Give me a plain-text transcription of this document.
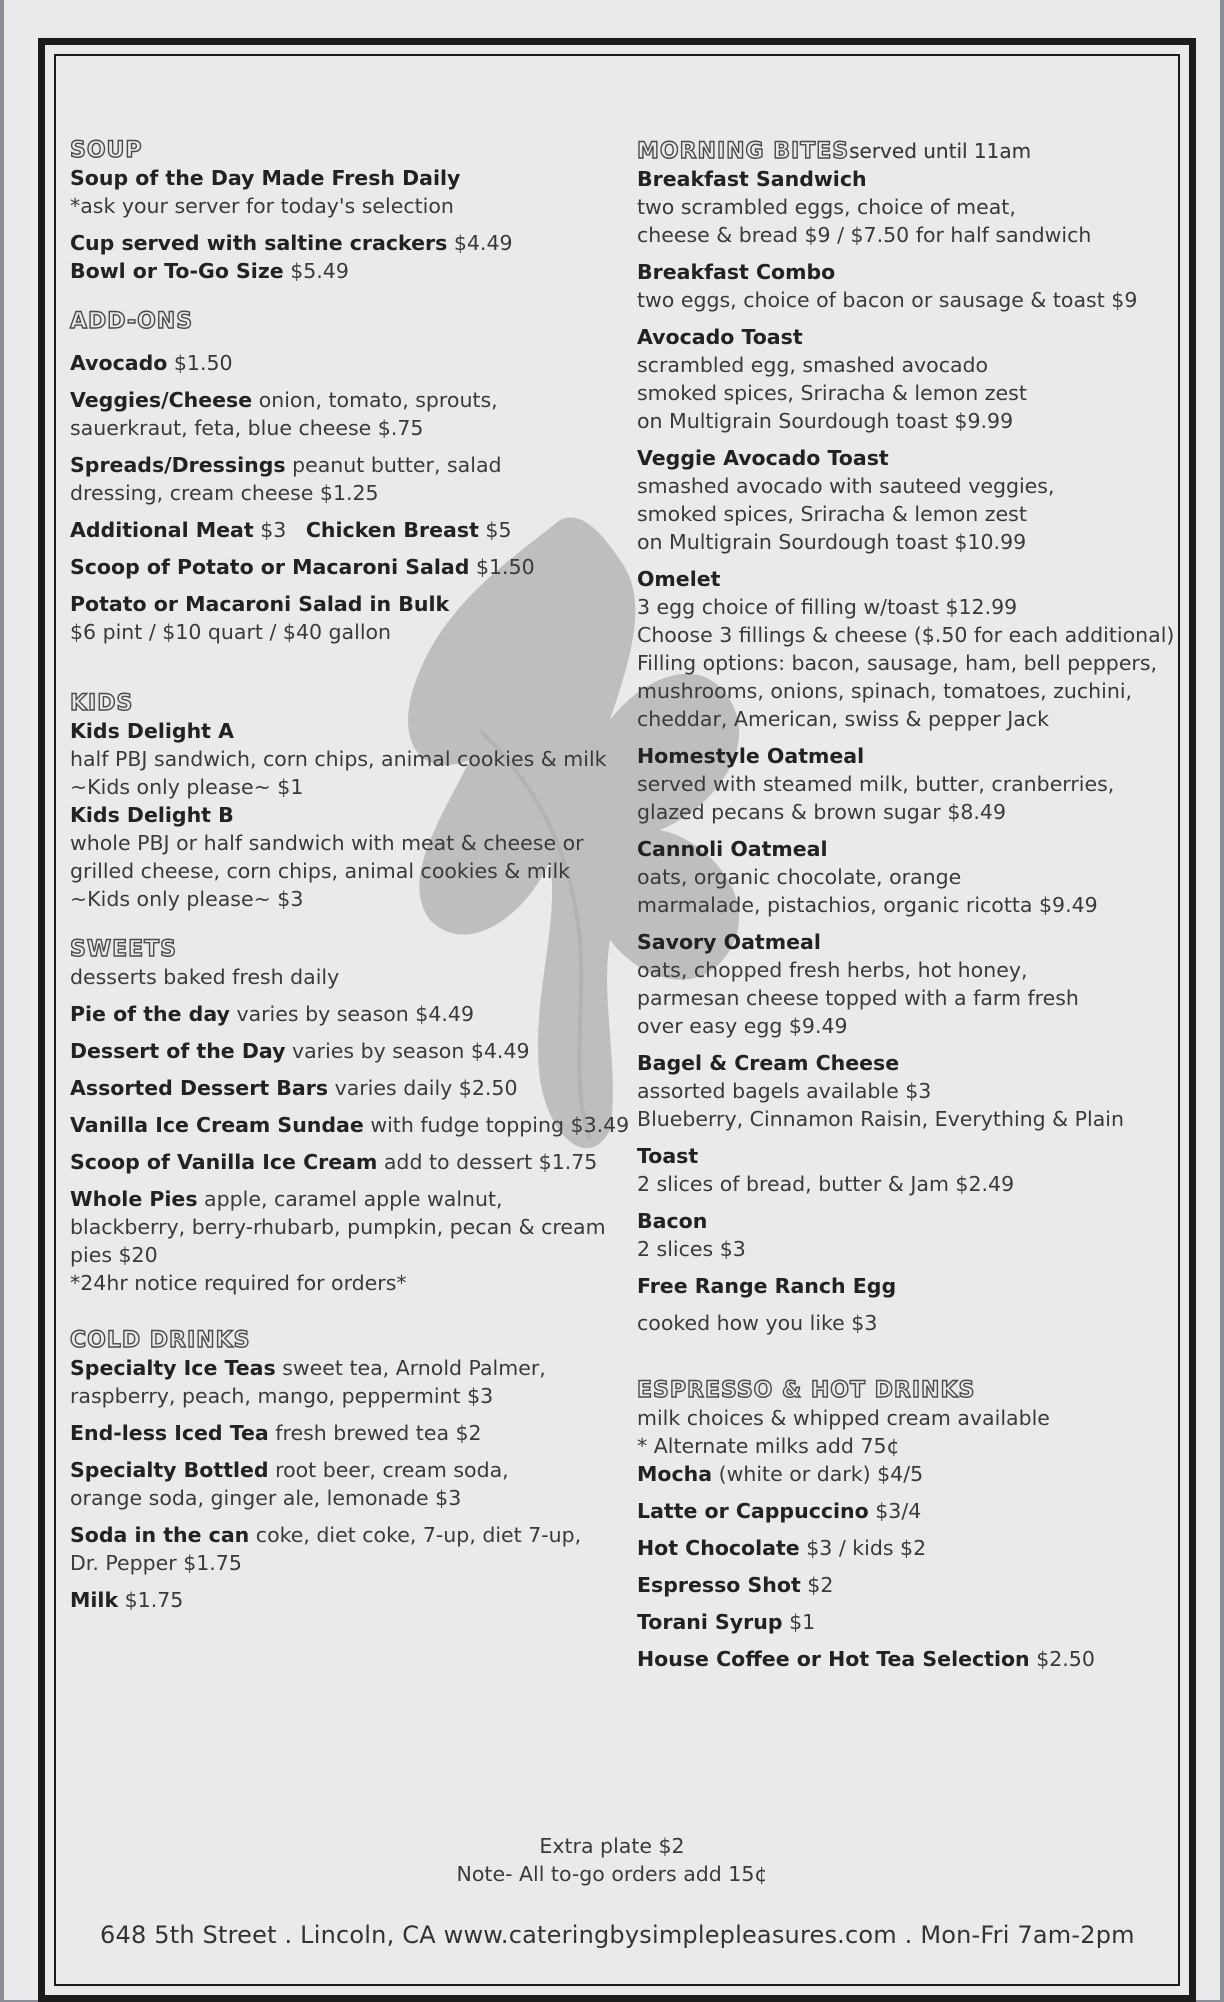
SOUP

Soup of the Day Made Fresh Daily

*ask your server for today's selection

Cup served with saltine crackers $4.49

Bowl or To-Go Size $5.49

ADD-ONS

Avocado $1.50

Veggies/Cheese onion, tomato, sprouts,

sauerkraut, feta, blue cheese $.75

Spreads/Dressings peanut butter, salad

dressing, cream cheese $1.25

Additional Meat $3 Chicken Breast $5

Scoop of Potato or Macaroni Salad $1.50

Potato or Macaroni Salad in Bulk

$6 pint / $10 quart / $40 gallon

KIDS

Kids Delight A

half PBJ sandwich, corn chips, animal cookies & milk

~Kids only please~ $1

Kids Delight B

whole PBJ or half sandwich with meat & cheese or

grilled cheese, corn chips, animal cookies & milk

~Kids only please~ $3

SWEETS

desserts baked fresh daily

Pie of the day varies by season $4.49

Dessert of the Day varies by season $4.49

Assorted Dessert Bars varies daily $2.50

Vanilla Ice Cream Sundae with fudge topping $3.49

Scoop of Vanilla Ice Cream add to dessert $1.75

Whole Pies apple, caramel apple walnut,

blackberry, berry-rhubarb, pumpkin, pecan & cream

pies $20

*24hr notice required for orders*

COLD DRINKS

Specialty Ice Teas sweet tea, Arnold Palmer,

raspberry, peach, mango, peppermint $3

End-less Iced Tea fresh brewed tea $2

Specialty Bottled root beer, cream soda,

orange soda, ginger ale, lemonade $3

Soda in the can coke, diet coke, 7-up, diet 7-up,

Dr. Pepper $1.75

Milk $1.75

MORNING BITESserved until 11am

Breakfast Sandwich

two scrambled eggs, choice of meat,

cheese & bread $9 / $7.50 for half sandwich

Breakfast Combo

two eggs, choice of bacon or sausage & toast $9

Avocado Toast

scrambled egg, smashed avocado

smoked spices, Sriracha & lemon zest

on Multigrain Sourdough toast $9.99

Veggie Avocado Toast

smashed avocado with sauteed veggies,

smoked spices, Sriracha & lemon zest

on Multigrain Sourdough toast $10.99

Omelet

3 egg choice of filling w/toast $12.99

Choose 3 fillings & cheese ($.50 for each additional)

Filling options: bacon, sausage, ham, bell peppers,

mushrooms, onions, spinach, tomatoes, zuchini,

cheddar, American, swiss & pepper Jack

Homestyle Oatmeal

served with steamed milk, butter, cranberries,

glazed pecans & brown sugar $8.49

Cannoli Oatmeal

oats, organic chocolate, orange

marmalade, pistachios, organic ricotta $9.49

Savory Oatmeal

oats, chopped fresh herbs, hot honey,

parmesan cheese topped with a farm fresh

over easy egg $9.49

Bagel & Cream Cheese

assorted bagels available $3

Blueberry, Cinnamon Raisin, Everything & Plain

Toast

2 slices of bread, butter & Jam $2.49

Bacon

2 slices $3

Free Range Ranch Egg

cooked how you like $3

ESPRESSO & HOT DRINKS

milk choices & whipped cream available

* Alternate milks add 75¢

Mocha (white or dark) $4/5

Latte or Cappuccino $3/4

Hot Chocolate $3 / kids $2

Espresso Shot $2

Torani Syrup $1

House Coffee or Hot Tea Selection $2.50

Extra plate $2
Note- All to-go orders add 15¢
648 5th Street . Lincoln, CA www.cateringbysimplepleasures.com . Mon-Fri 7am-2pm
